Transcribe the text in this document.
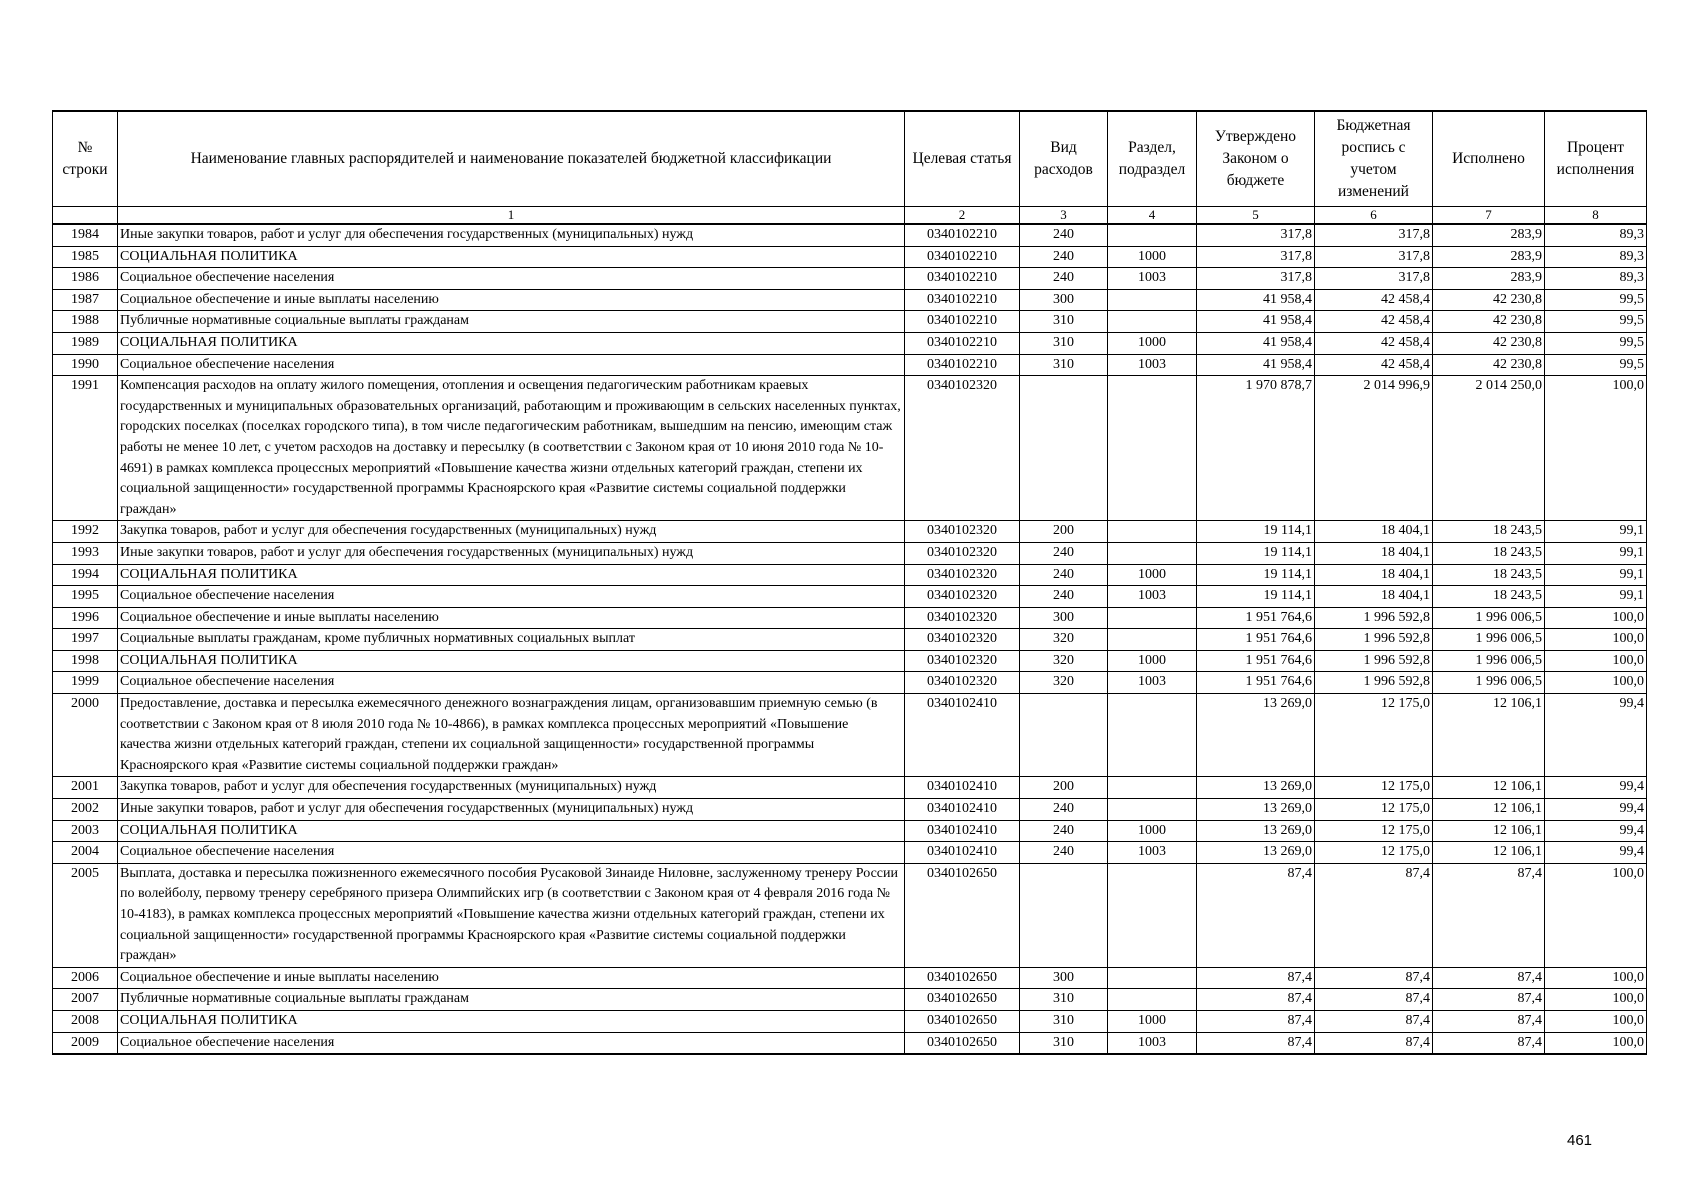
№ строки	Наименование главных распорядителей и наименование показателей бюджетной классификации	Целевая статья	Вид расходов	Раздел, подраздел	Утверждено Законом о бюджете	Бюджетная роспись с учетом изменений	Исполнено	Процент исполнения
	1	2	3	4	5	6	7	8
1984	Иные закупки товаров, работ и услуг для обеспечения государственных (муниципальных) нужд	0340102210	240		317,8	317,8	283,9	89,3
1985	СОЦИАЛЬНАЯ ПОЛИТИКА	0340102210	240	1000	317,8	317,8	283,9	89,3
1986	Социальное обеспечение населения	0340102210	240	1003	317,8	317,8	283,9	89,3
1987	Социальное обеспечение и иные выплаты населению	0340102210	300		41 958,4	42 458,4	42 230,8	99,5
1988	Публичные нормативные социальные выплаты гражданам	0340102210	310		41 958,4	42 458,4	42 230,8	99,5
1989	СОЦИАЛЬНАЯ ПОЛИТИКА	0340102210	310	1000	41 958,4	42 458,4	42 230,8	99,5
1990	Социальное обеспечение населения	0340102210	310	1003	41 958,4	42 458,4	42 230,8	99,5
1991	Компенсация расходов на оплату жилого помещения, отопления и освещения педагогическим работникам краевых государственных и муниципальных образовательных организаций, работающим и проживающим в сельских населенных пунктах, городских поселках (поселках городского типа), в том числе педагогическим работникам, вышедшим на пенсию, имеющим стаж работы не менее 10 лет, с учетом расходов на доставку и пересылку (в соответствии с Законом края от 10 июня 2010 года № 10-4691) в рамках комплекса процессных мероприятий «Повышение качества жизни отдельных категорий граждан, степени их социальной защищенности» государственной программы Красноярского края «Развитие системы социальной поддержки граждан»	0340102320			1 970 878,7	2 014 996,9	2 014 250,0	100,0
1992	Закупка товаров, работ и услуг для обеспечения государственных (муниципальных) нужд	0340102320	200		19 114,1	18 404,1	18 243,5	99,1
1993	Иные закупки товаров, работ и услуг для обеспечения государственных (муниципальных) нужд	0340102320	240		19 114,1	18 404,1	18 243,5	99,1
1994	СОЦИАЛЬНАЯ ПОЛИТИКА	0340102320	240	1000	19 114,1	18 404,1	18 243,5	99,1
1995	Социальное обеспечение населения	0340102320	240	1003	19 114,1	18 404,1	18 243,5	99,1
1996	Социальное обеспечение и иные выплаты населению	0340102320	300		1 951 764,6	1 996 592,8	1 996 006,5	100,0
1997	Социальные выплаты гражданам, кроме публичных нормативных социальных выплат	0340102320	320		1 951 764,6	1 996 592,8	1 996 006,5	100,0
1998	СОЦИАЛЬНАЯ ПОЛИТИКА	0340102320	320	1000	1 951 764,6	1 996 592,8	1 996 006,5	100,0
1999	Социальное обеспечение населения	0340102320	320	1003	1 951 764,6	1 996 592,8	1 996 006,5	100,0
2000	Предоставление, доставка и пересылка ежемесячного денежного вознаграждения лицам, организовавшим приемную семью (в соответствии с Законом края от 8 июля 2010 года № 10-4866), в рамках комплекса процессных мероприятий «Повышение качества жизни отдельных категорий граждан, степени их социальной защищенности» государственной программы Красноярского края «Развитие системы социальной поддержки граждан»	0340102410			13 269,0	12 175,0	12 106,1	99,4
2001	Закупка товаров, работ и услуг для обеспечения государственных (муниципальных) нужд	0340102410	200		13 269,0	12 175,0	12 106,1	99,4
2002	Иные закупки товаров, работ и услуг для обеспечения государственных (муниципальных) нужд	0340102410	240		13 269,0	12 175,0	12 106,1	99,4
2003	СОЦИАЛЬНАЯ ПОЛИТИКА	0340102410	240	1000	13 269,0	12 175,0	12 106,1	99,4
2004	Социальное обеспечение населения	0340102410	240	1003	13 269,0	12 175,0	12 106,1	99,4
2005	Выплата, доставка и пересылка пожизненного ежемесячного пособия Русаковой Зинаиде Ниловне, заслуженному тренеру России по волейболу, первому тренеру серебряного призера Олимпийских игр (в соответствии с Законом края от 4 февраля 2016 года № 10-4183), в рамках комплекса процессных мероприятий «Повышение качества жизни отдельных категорий граждан, степени их социальной защищенности» государственной программы Красноярского края «Развитие системы социальной поддержки граждан»	0340102650			87,4	87,4	87,4	100,0
2006	Социальное обеспечение и иные выплаты населению	0340102650	300		87,4	87,4	87,4	100,0
2007	Публичные нормативные социальные выплаты гражданам	0340102650	310		87,4	87,4	87,4	100,0
2008	СОЦИАЛЬНАЯ ПОЛИТИКА	0340102650	310	1000	87,4	87,4	87,4	100,0
2009	Социальное обеспечение населения	0340102650	310	1003	87,4	87,4	87,4	100,0
461
